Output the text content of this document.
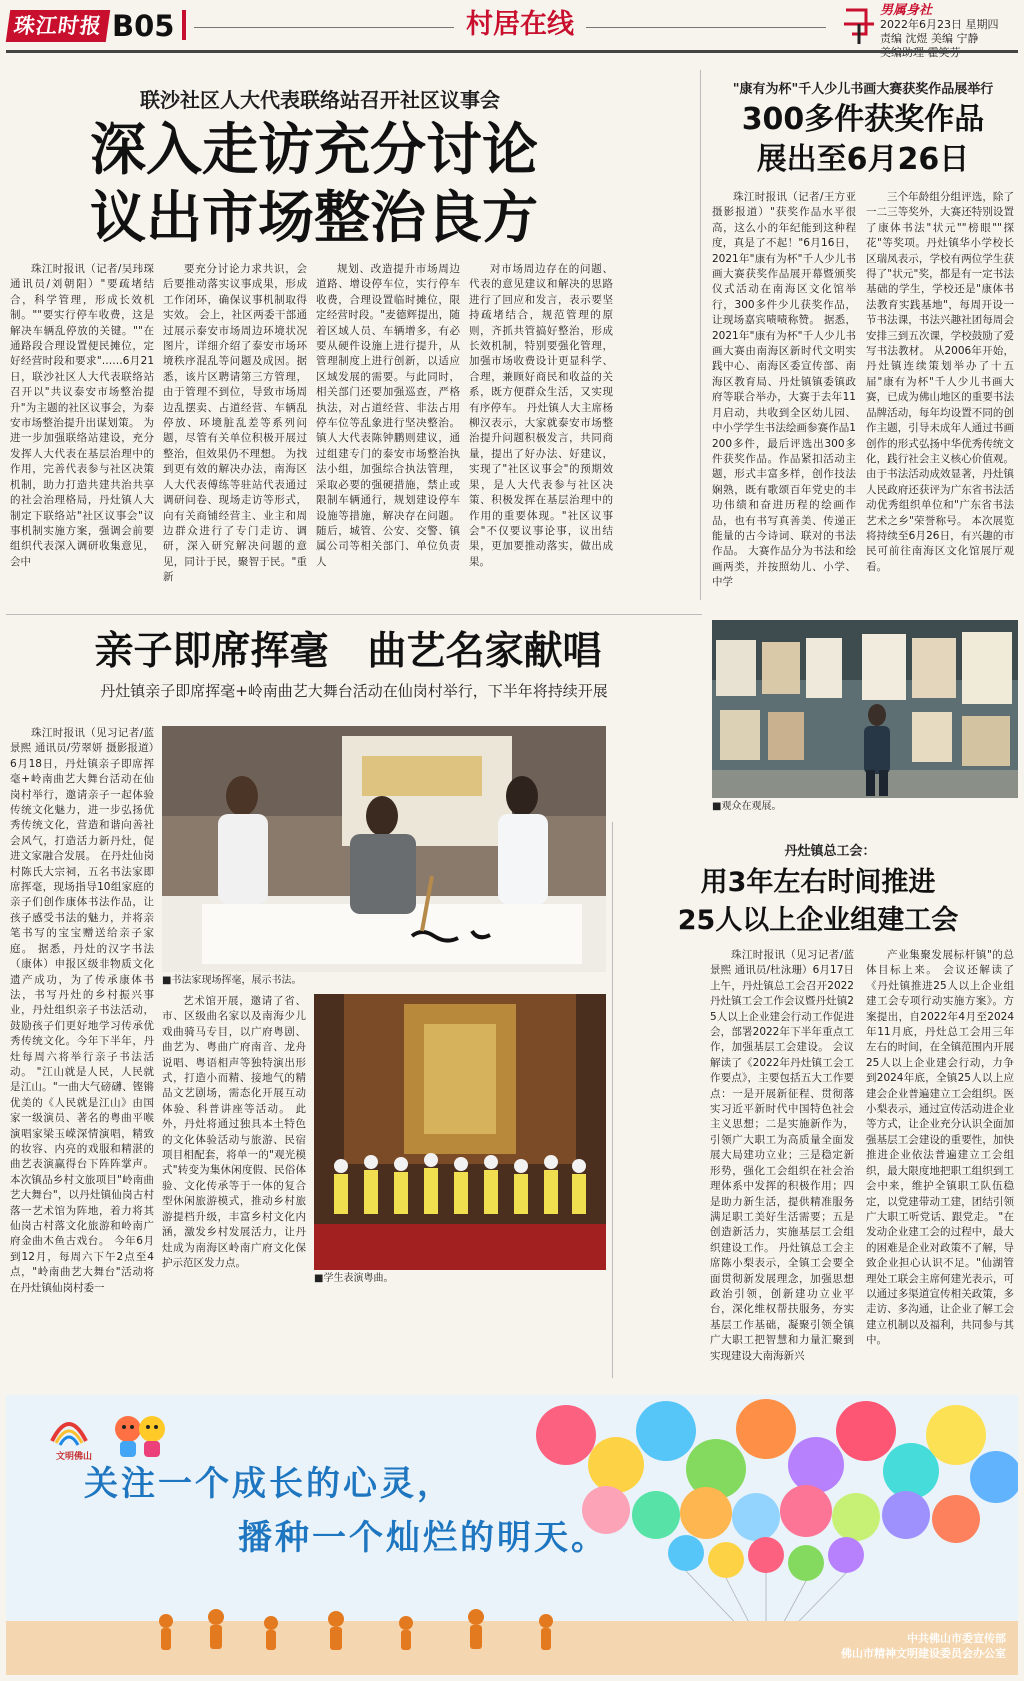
珠江时报 B05	村居在线	男属身社
2022年6月23日 星期四
责编 沈煜 美编 宁静
联沙社区人大代表联络站召开社区议事会
深入走访充分讨论
议出市场整治良方

珠江时报讯（记者/吴玮琛 通讯员/刘朝阳）"要疏堵结合，科学管理，形成长效机制。""要实行停车收费，这是解决车辆乱停放的关键。""在通路段合理设置便民摊位，定好经营时段和要求"……6月21日，联沙社区人大代表联络站召开以"共议泰安市场整治提升"为主题的社区议事会，为泰安市场整治提升出谋划策。 为进一步加强联络站建设，充分发挥人大代表在基层治理中的作用，完善代表参与社区决策机制，助力打造共建共治共享的社会治理格局，丹灶镇人大制定下联络站"社区议事会"议事机制实施方案，强调会前要组织代表深入调研收集意见，会中

要充分讨论力求共识，会后要推动落实议事成果，形成工作闭环，确保议事机制取得实效。 会上，社区两委干部通过展示泰安市场周边环境状况图片，详细介绍了泰安市场环境秩序混乱等问题及成因。据悉，该片区聘请第三方管理，由于管理不到位，导致市场周边乱摆卖、占道经营、车辆乱停放、环境脏乱差等系列问题，尽管有关单位积极开展过整治，但效果仍不理想。 为找到更有效的解决办法，南海区人大代表傅练等驻站代表通过调研问卷、现场走访等形式，向有关商铺经营主、业主和周边群众进行了专门走访、调研，深入研究解决问题的意见，同计于民，聚智于民。"重新

规划、改造提升市场周边道路、增设停车位，实行停车收费，合理设置临时摊位，限定经营时段。"麦德辉提出，随着区域人员、车辆增多，有必要从硬件设施上进行提升，从管理制度上进行创新，以适应区域发展的需要。与此同时，相关部门还要加强巡查，严格执法，对占道经营、非法占用停车位等乱象进行坚决整治。 镇人大代表陈钟鹏则建议，通过组建专门的泰安市场整治执法小组，加强综合执法管理，采取必要的强硬措施，禁止或限制车辆通行，规划建设停车设施等措施，解决存在问题。 随后，城管、公安、交警、镇属公司等相关部门、单位负责人

对市场周边存在的问题、代表的意见建议和解决的思路进行了回应和发言，表示要坚持疏堵结合，规范管理的原则，齐抓共管搞好整治，形成长效机制，特别要强化管理，加强市场收费设计更显科学、合理，兼顾好商民和收益的关系，既方便群众生活，又实现有序停车。 丹灶镇人大主席杨柳汉表示，大家就泰安市场整治提升问题积极发言，共同商量，提出了好办法、好建议，实现了"社区议事会"的预期效果，是人大代表参与社区决策、积极发挥在基层治理中的作用的重要体现。"社区议事会"不仅要议事论事，议出结果，更加要推动落实，做出成果。

"康有为杯"千人少儿书画大赛获奖作品展举行
300多件获奖作品
展出至6月26日

珠江时报讯（记者/王方亚 摄影报道）"获奖作品水平很高，这么小的年纪能到这种程度，真是了不起！"6月16日，2021年"康有为杯"千人少儿书画大赛获奖作品展开幕暨颁奖仪式活动在南海区文化馆举行，300多件少儿获奖作品，让现场嘉宾啧啧称赞。 据悉，2021年"康有为杯"千人少儿书画大赛由南海区新时代文明实践中心、南海区委宣传部、南海区教育局、丹灶镇镇委镇政府等联合举办，大赛于去年11月启动，共收到全区幼儿园、中小学学生书法绘画参赛作品1200多件，最后评选出300多件获奖作品。作品紧扣活动主题，形式丰富多样，创作技法娴熟，既有歌颂百年党史的丰功伟绩和奋进历程的绘画作品，也有书写真善美、传递正能量的古今诗词、联对的书法作品。 大赛作品分为书法和绘画两类，并按照幼儿、小学、中学

三个年龄组分组评选，除了一二三等奖外，大赛还特别设置了康体书法"状元""榜眼""探花"等奖项。丹灶镇华小学校长区瑞凤表示，学校有两位学生获得了"状元"奖，都是有一定书法基础的学生，学校还是"康体书法教育实践基地"，每周开设一节书法课，书法兴趣社团每周会安排三到五次课，学校鼓励了爱写书法教材。 从2006年开始，丹灶镇连续策划举办了十五届"康有为杯"千人少儿书画大赛，已成为佛山地区的重要书法品牌活动，每年均设置不同的创作主题，引导未成年人通过书画创作的形式弘扬中华优秀传统文化，践行社会主义核心价值观。由于书法活动成效显著，丹灶镇人民政府还获评为广东省书法活动优秀组织单位和"广东省书法艺术之乡"荣誉称号。 本次展览将持续至6月26日，有兴趣的市民可前往南海区文化馆展厅观看。

■观众在观展。
亲子即席挥毫　曲艺名家献唱
丹灶镇亲子即席挥毫+岭南曲艺大舞台活动在仙岗村举行，下半年将持续开展

珠江时报讯（见习记者/蓝景熙 通讯员/劳翠妍 摄影报道）6月18日，丹灶镇亲子即席挥毫+岭南曲艺大舞台活动在仙岗村举行，邀请亲子一起体验传统文化魅力，进一步弘扬优秀传统文化，营造和谐向善社会风气，打造活力新丹灶，促进文家融合发展。 在丹灶仙岗村陈氏大宗祠，五名书法家即席挥毫，现场指导10组家庭的亲子们创作康体书法作品，让孩子感受书法的魅力，并将亲笔书写的宝宝赠送给亲子家庭。 据悉，丹灶的汉字书法（康体）申报区级非物质文化遗产成功，为了传承康体书法，书写丹灶的乡村振兴事业，丹灶组织亲子书法活动，鼓励孩子们更好地学习传承优秀传统文化。今年下半年，丹灶每周六将举行亲子书法活动。 "江山就是人民，人民就是江山。"一曲大气磅礴、铿锵优美的《人民就是江山》由国家一级演员、著名的粤曲平喉演唱家梁玉嵘深情演唱，精致的妆容、内亮的戏服和精湛的曲艺表演赢得台下阵阵掌声。 本次镇品乡村文旅项目"岭南曲艺大舞台"，以丹灶镇仙岗古村落一艺术馆为阵地，着力将其仙岗古村落文化旅游和岭南广府金曲木鱼古戏台。 今年6月到12月，每周六下午2点至4点，"岭南曲艺大舞台"活动将在丹灶镇仙岗村委一

■书法家现场挥毫，展示书法。

艺术馆开展，邀请了省、市、区级曲名家以及南海少儿戏曲骑马专目，以广府粤剧、曲艺为、粤曲广府南音、龙舟说唱、粤语相声等独特演出形式，打造小而精、接地气的精品文艺剧场，需态化开展互动体验、科普讲座等活动。 此外，丹灶将通过独具本土特色的文化体验活动与旅游、民宿项目相配套，将单一的"观光模式"转变为集休闲度假、民俗体验、文化传承等于一体的复合型休闲旅游模式，推动乡村旅游提档升级，丰富乡村文化内涵，激发乡村发展活力，让丹灶成为南海区岭南广府文化保护示范区发力点。

■学生表演粤曲。
丹灶镇总工会：
用3年左右时间推进
25人以上企业组建工会

珠江时报讯（见习记者/蓝景熙 通讯员/杜泳珊）6月17日上午，丹灶镇总工会召开2022丹灶镇工会工作会议暨丹灶镇25人以上企业建会行动工作促进会，部署2022年下半年重点工作，加强基层工会建设。 会议解读了《2022年丹灶镇工会工作要点》，主要包括五大工作要点：一是开展新征程、贯彻落实习近平新时代中国特色社会主义思想；二是实施新作为，引领广大职工为高质量全面发展大局建功立业；三是稳定新形势，强化工会组织在社会治理体系中发挥的积极作用；四是助力新生活，提供精准服务满足职工美好生活需要；五是创造新活力，实施基层工会组织建设工作。 丹灶镇总工会主席陈小梨表示，全镇工会要全面贯彻新发展理念，加强思想政治引领，创新建功立业平台，深化维权帮扶服务，夯实基层工作基础，凝聚引领全镇广大职工把智慧和力量汇聚到实现建设大南海新兴

产业集聚发展标杆镇"的总体目标上来。 会议还解读了《丹灶镇推进25人以上企业组建工会专项行动实施方案》。方案提出，自2022年4月至2024年11月底，丹灶总工会用三年左右的时间，在全镇范围内开展25人以上企业建会行动，力争到2024年底，全镇25人以上应建会企业普遍建立工会组织。医小梨表示，通过宣传活动进企业等方式，让企业充分认识全面加强基层工会建设的重要性，加快推进企业依法普遍建立工会组织，最大限度地把职工组织到工会中来，维护全镇职工队伍稳定，以党建带动工建，团结引领广大职工听党话、跟党走。 "在发动企业建工会的过程中，最大的困难是企业对政策不了解，导致企业担心认识不足。"仙湖管理处工联会主席何建光表示，可以通过多渠道宣传相关政策，多走访、多沟通，让企业了解工会建立机制以及福利，共同参与其中。

文明佛山
关注一个成长的心灵，
播种一个灿烂的明天。
中共佛山市委宣传部
佛山市精神文明建设委员会办公室
